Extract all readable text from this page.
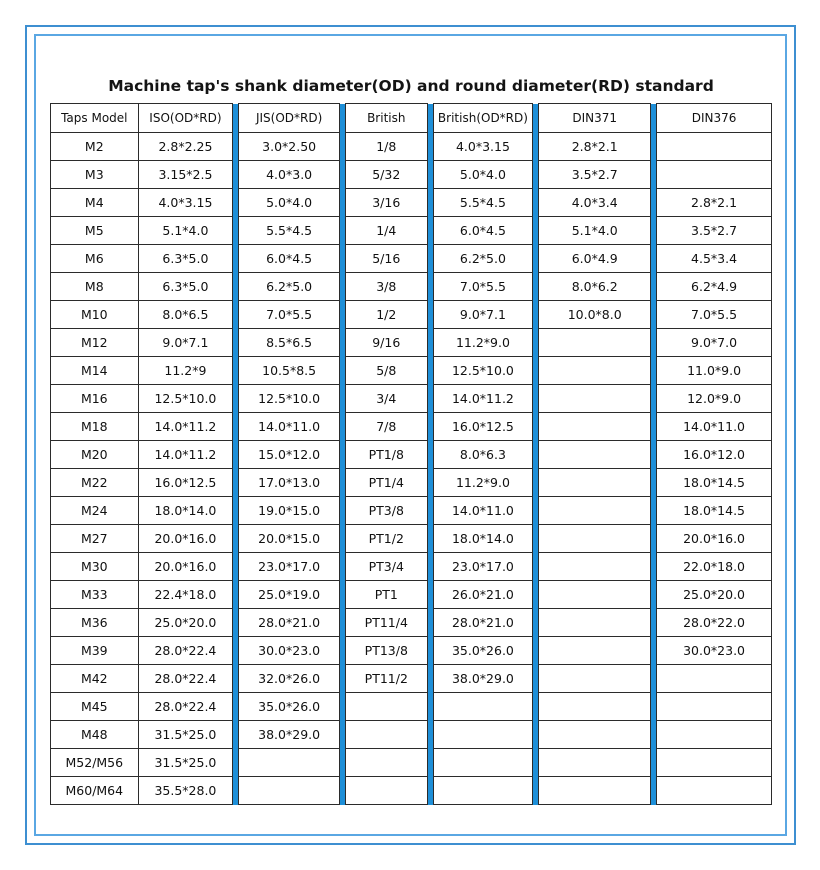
Machine tap's shank diameter(OD) and round diameter(RD) standard
Taps Model	ISO(OD*RD)		JIS(OD*RD)		British		British(OD*RD)		DIN371		DIN376
M2	2.8*2.25		3.0*2.50		1/8		4.0*3.15		2.8*2.1		
M3	3.15*2.5		4.0*3.0		5/32		5.0*4.0		3.5*2.7		
M4	4.0*3.15		5.0*4.0		3/16		5.5*4.5		4.0*3.4		2.8*2.1
M5	5.1*4.0		5.5*4.5		1/4		6.0*4.5		5.1*4.0		3.5*2.7
M6	6.3*5.0		6.0*4.5		5/16		6.2*5.0		6.0*4.9		4.5*3.4
M8	6.3*5.0		6.2*5.0		3/8		7.0*5.5		8.0*6.2		6.2*4.9
M10	8.0*6.5		7.0*5.5		1/2		9.0*7.1		10.0*8.0		7.0*5.5
M12	9.0*7.1		8.5*6.5		9/16		11.2*9.0				9.0*7.0
M14	11.2*9		10.5*8.5		5/8		12.5*10.0				11.0*9.0
M16	12.5*10.0		12.5*10.0		3/4		14.0*11.2				12.0*9.0
M18	14.0*11.2		14.0*11.0		7/8		16.0*12.5				14.0*11.0
M20	14.0*11.2		15.0*12.0		PT1/8		8.0*6.3				16.0*12.0
M22	16.0*12.5		17.0*13.0		PT1/4		11.2*9.0				18.0*14.5
M24	18.0*14.0		19.0*15.0		PT3/8		14.0*11.0				18.0*14.5
M27	20.0*16.0		20.0*15.0		PT1/2		18.0*14.0				20.0*16.0
M30	20.0*16.0		23.0*17.0		PT3/4		23.0*17.0				22.0*18.0
M33	22.4*18.0		25.0*19.0		PT1		26.0*21.0				25.0*20.0
M36	25.0*20.0		28.0*21.0		PT11/4		28.0*21.0				28.0*22.0
M39	28.0*22.4		30.0*23.0		PT13/8		35.0*26.0				30.0*23.0
M42	28.0*22.4		32.0*26.0		PT11/2		38.0*29.0				
M45	28.0*22.4		35.0*26.0								
M48	31.5*25.0		38.0*29.0								
M52/M56	31.5*25.0										
M60/M64	35.5*28.0										
